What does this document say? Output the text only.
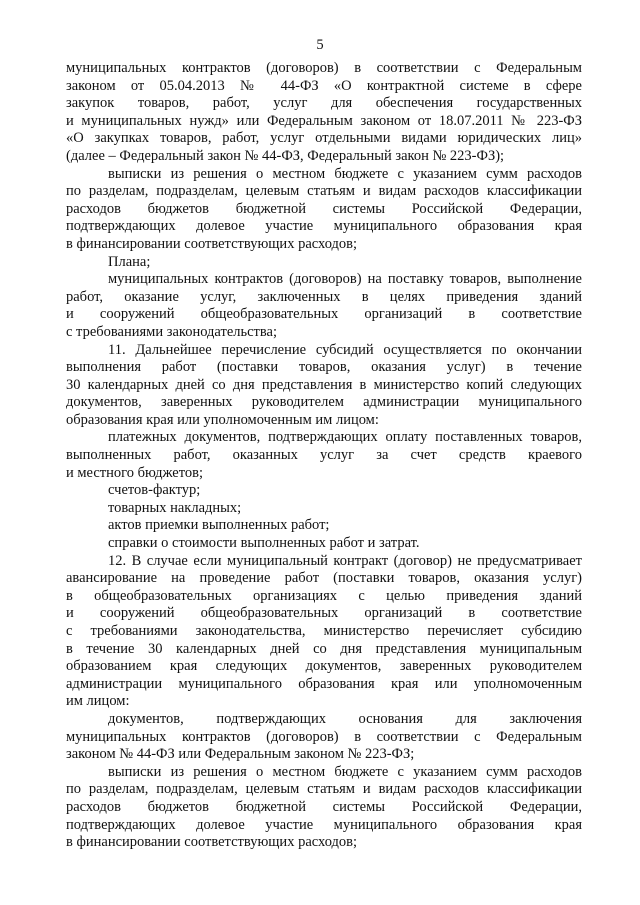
5
муниципальных контрактов (договоров) в соответствии с Федеральным
законом от 05.04.2013 № 44-ФЗ «О контрактной системе в сфере
закупок товаров, работ, услуг для обеспечения государственных
и муниципальных нужд» или Федеральным законом от 18.07.2011 № 223-ФЗ
«О закупках товаров, работ, услуг отдельными видами юридических лиц»
(далее – Федеральный закон № 44-ФЗ, Федеральный закон № 223-ФЗ);
выписки из решения о местном бюджете с указанием сумм расходов
по разделам, подразделам, целевым статьям и видам расходов классификации
расходов бюджетов бюджетной системы Российской Федерации,
подтверждающих долевое участие муниципального образования края
в финансировании соответствующих расходов;
Плана;
муниципальных контрактов (договоров) на поставку товаров, выполнение
работ, оказание услуг, заключенных в целях приведения зданий
и сооружений общеобразовательных организаций в соответствие
с требованиями законодательства;
11. Дальнейшее перечисление субсидий осуществляется по окончании
выполнения работ (поставки товаров, оказания услуг) в течение
30 календарных дней со дня представления в министерство копий следующих
документов, заверенных руководителем администрации муниципального
образования края или уполномоченным им лицом:
платежных документов, подтверждающих оплату поставленных товаров,
выполненных работ, оказанных услуг за счет средств краевого
и местного бюджетов;
счетов-фактур;
товарных накладных;
актов приемки выполненных работ;
справки о стоимости выполненных работ и затрат.
12. В случае если муниципальный контракт (договор) не предусматривает
авансирование на проведение работ (поставки товаров, оказания услуг)
в общеобразовательных организациях с целью приведения зданий
и сооружений общеобразовательных организаций в соответствие
с требованиями законодательства, министерство перечисляет субсидию
в течение 30 календарных дней со дня представления муниципальным
образованием края следующих документов, заверенных руководителем
администрации муниципального образования края или уполномоченным
им лицом:
документов, подтверждающих основания для заключения
муниципальных контрактов (договоров) в соответствии с Федеральным
законом № 44-ФЗ или Федеральным законом № 223-ФЗ;
выписки из решения о местном бюджете с указанием сумм расходов
по разделам, подразделам, целевым статьям и видам расходов классификации
расходов бюджетов бюджетной системы Российской Федерации,
подтверждающих долевое участие муниципального образования края
в финансировании соответствующих расходов;
